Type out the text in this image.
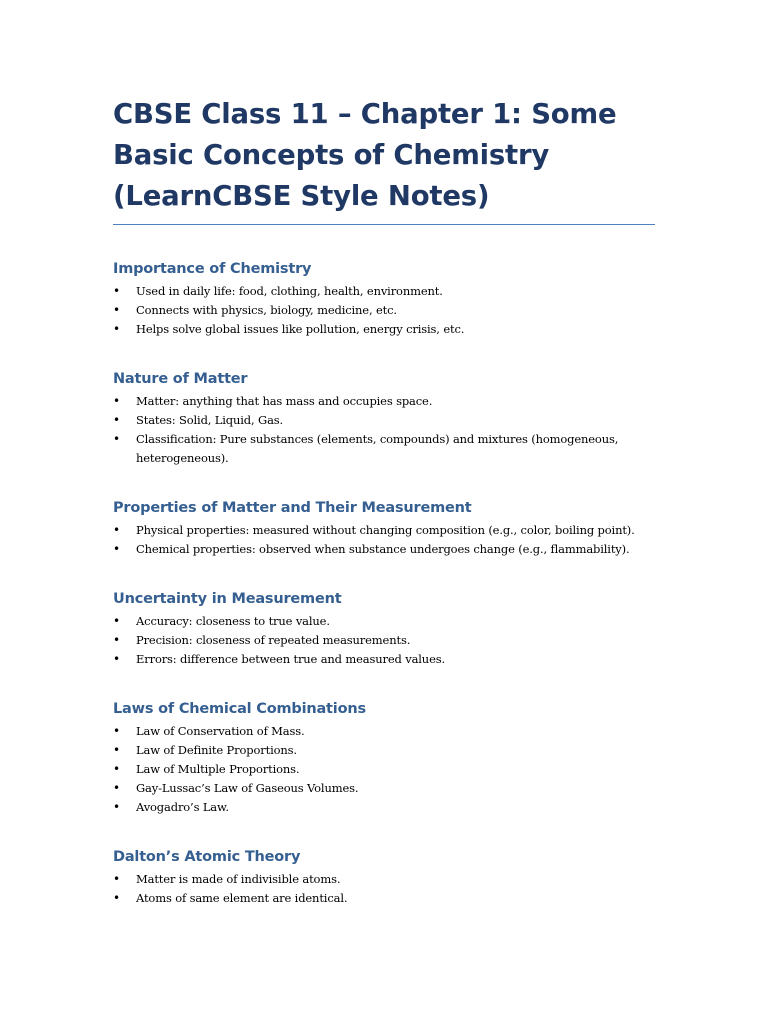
CBSE Class 11 – Chapter 1: Some Basic Concepts of Chemistry (LearnCBSE Style Notes)
Importance of Chemistry
• Used in daily life: food, clothing, health, environment.
• Connects with physics, biology, medicine, etc.
• Helps solve global issues like pollution, energy crisis, etc.
Nature of Matter
• Matter: anything that has mass and occupies space.
• States: Solid, Liquid, Gas.
• Classification: Pure substances (elements, compounds) and mixtures (homogeneous, heterogeneous).
Properties of Matter and Their Measurement
• Physical properties: measured without changing composition (e.g., color, boiling point).
• Chemical properties: observed when substance undergoes change (e.g., flammability).
Uncertainty in Measurement
• Accuracy: closeness to true value.
• Precision: closeness of repeated measurements.
• Errors: difference between true and measured values.
Laws of Chemical Combinations
• Law of Conservation of Mass.
• Law of Definite Proportions.
• Law of Multiple Proportions.
• Gay-Lussac’s Law of Gaseous Volumes.
• Avogadro’s Law.
Dalton’s Atomic Theory
• Matter is made of indivisible atoms.
• Atoms of same element are identical.
